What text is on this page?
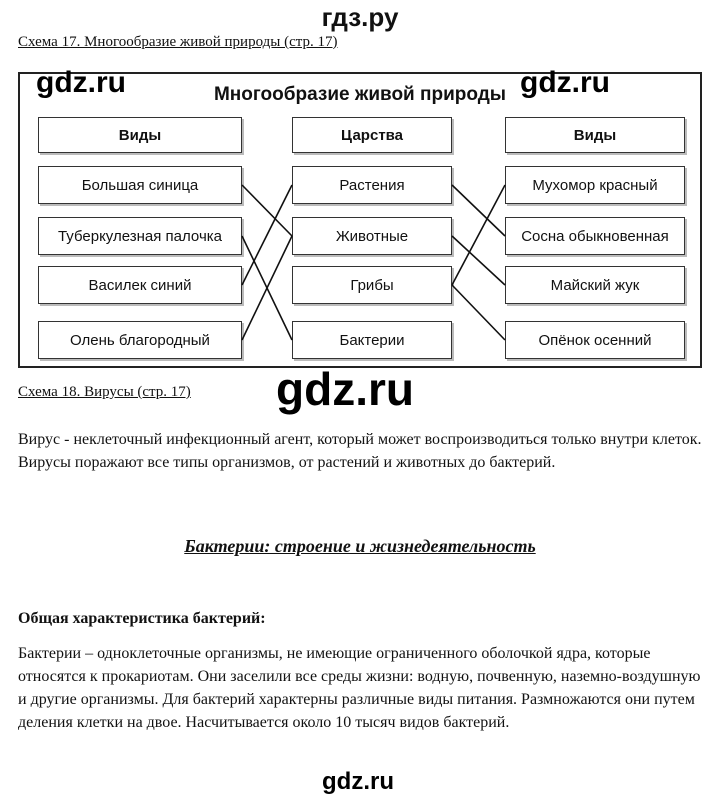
гдз.ру
Схема 17. Многообразие живой природы (стр. 17)
Многообразие живой природы
Виды
Большая синица
Туберкулезная палочка
Василек синий
Олень благородный
Царства
Растения
Животные
Грибы
Бактерии
Виды
Мухомор красный
Сосна обыкновенная
Майский жук
Опёнок осенний
gdz.ru	gdz.ru
gdz.ru
gdz.ru
Схема 18. Вирусы (стр. 17)
Вирус - неклеточный инфекционный агент, который может воспроизводиться только внутри клеток. Вирусы поражают все типы организмов, от растений и животных до бактерий.
Бактерии: строение и жизнедеятельность
Общая характеристика бактерий:
Бактерии – одноклеточные организмы, не имеющие ограниченного оболочкой ядра, которые относятся к прокариотам. Они заселили все среды жизни: водную, почвенную, наземно-воздушную и другие организмы. Для бактерий характерны различные виды питания. Размножаются они путем деления клетки на двое. Насчитывается около 10 тысяч видов бактерий.
